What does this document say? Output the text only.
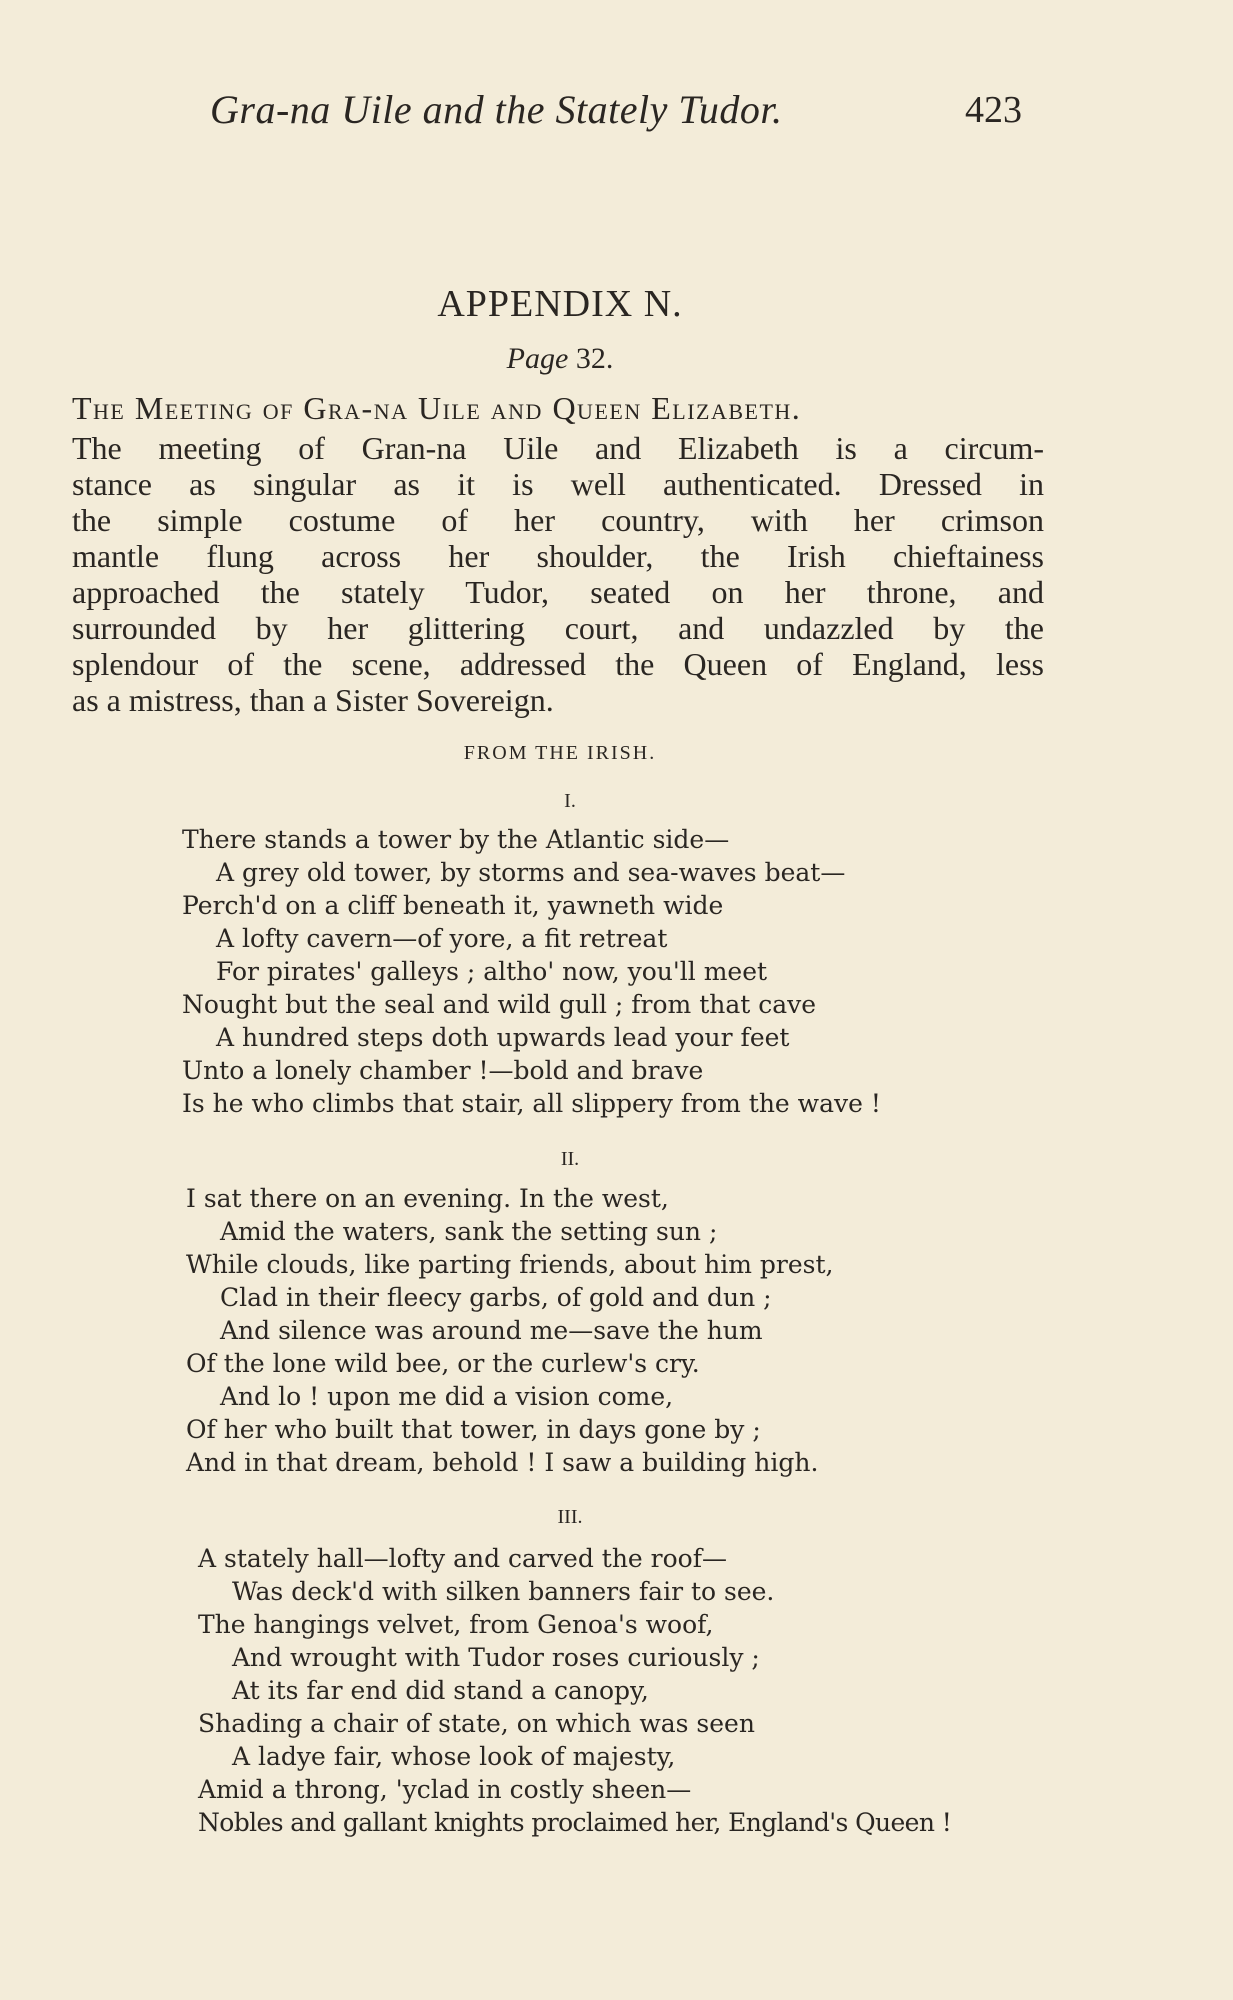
Gra-na Uile and the Stately Tudor.	423
APPENDIX N.
Page 32.
The Meeting of Gra-na Uile and Queen Elizabeth.
The meeting of Gran-na Uile and Elizabeth is a circum-
stance as singular as it is well authenticated. Dressed in
the simple costume of her country, with her crimson
mantle flung across her shoulder, the Irish chieftainess
approached the stately Tudor, seated on her throne, and
surrounded by her glittering court, and undazzled by the
splendour of the scene, addressed the Queen of England, less
as a mistress, than a Sister Sovereign.
FROM THE IRISH.
I.
There stands a tower by the Atlantic side—
A grey old tower, by storms and sea-waves beat—
Perch'd on a cliff beneath it, yawneth wide
A lofty cavern—of yore, a fit retreat
For pirates' galleys ; altho' now, you'll meet
Nought but the seal and wild gull ; from that cave
A hundred steps doth upwards lead your feet
Unto a lonely chamber !—bold and brave
Is he who climbs that stair, all slippery from the wave !
II.
I sat there on an evening. In the west,
Amid the waters, sank the setting sun ;
While clouds, like parting friends, about him prest,
Clad in their fleecy garbs, of gold and dun ;
And silence was around me—save the hum
Of the lone wild bee, or the curlew's cry.
And lo ! upon me did a vision come,
Of her who built that tower, in days gone by ;
And in that dream, behold ! I saw a building high.
III.
A stately hall—lofty and carved the roof—
Was deck'd with silken banners fair to see.
The hangings velvet, from Genoa's woof,
And wrought with Tudor roses curiously ;
At its far end did stand a canopy,
Shading a chair of state, on which was seen
A ladye fair, whose look of majesty,
Amid a throng, 'yclad in costly sheen—
Nobles and gallant knights proclaimed her, England's Queen !
